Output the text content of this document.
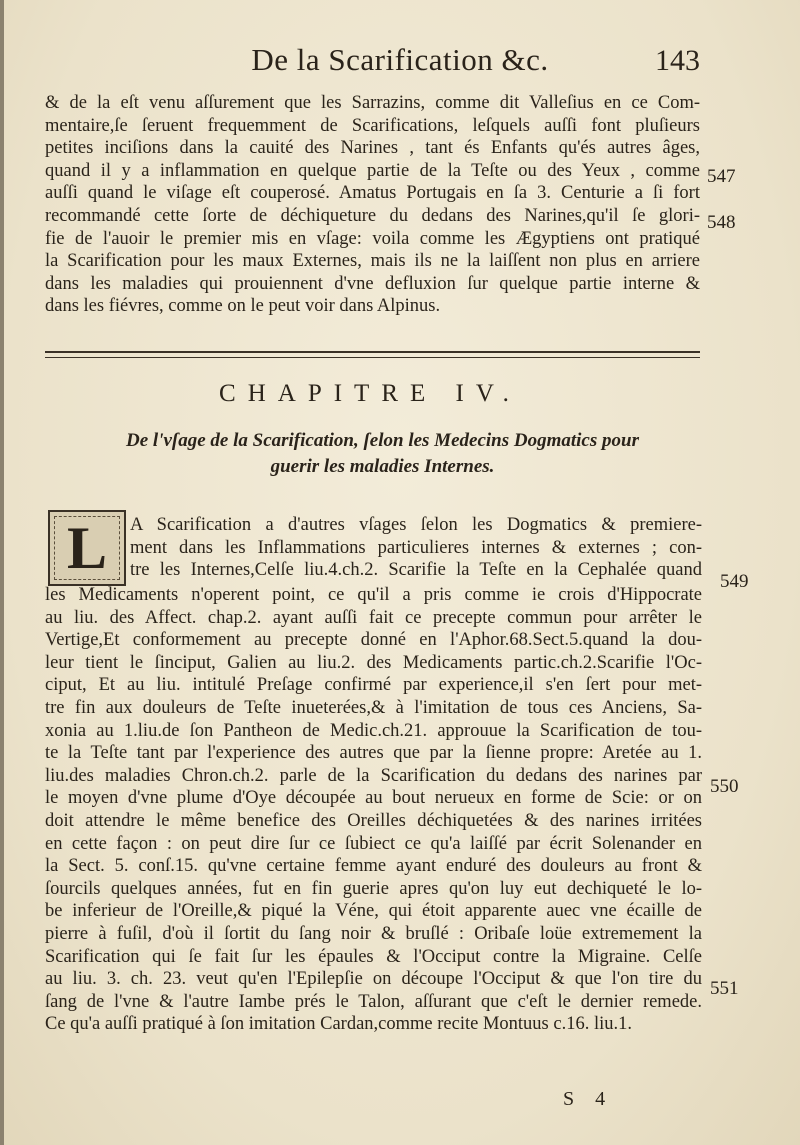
De la Scarification &c.	143
& de la eſt venu aſſurement que les Sarrazins, comme dit Valleſius en ce Com-
mentaire,ſe ſeruent frequemment de Scarifications, leſquels auſſi font pluſieurs
petites inciſions dans la cauité des Narines , tant és Enfants qu'és autres âges,
quand il y a inflammation en quelque partie de la Teſte ou des Yeux , comme
auſſi quand le viſage eſt couperosé. Amatus Portugais en ſa 3. Centurie a ſi fort
recommandé cette ſorte de déchiqueture du dedans des Narines,qu'il ſe glori-
fie de l'auoir le premier mis en vſage: voila comme les Ægyptiens ont pratiqué
la Scarification pour les maux Externes, mais ils ne la laiſſent non plus en arriere
dans les maladies qui prouiennent d'vne defluxion ſur quelque partie interne &
dans les fiévres, comme on le peut voir dans Alpinus.
547
548
CHAPITRE IV.
De l'vſage de la Scarification, ſelon les Medecins Dogmatics pour
guerir les maladies Internes.
L A Scarification a d'autres vſages ſelon les Dogmatics & premiere-
ment dans les Inflammations particulieres internes & externes ; con-
tre les Internes,Celſe liu.4.ch.2. Scarifie la Teſte en la Cephalée quand
les Medicaments n'operent point, ce qu'il a pris comme ie crois d'Hippocrate
au liu. des Affect. chap.2. ayant auſſi fait ce precepte commun pour arrêter le
Vertige,Et conformement au precepte donné en l'Aphor.68.Sect.5.quand la dou-
leur tient le ſinciput, Galien au liu.2. des Medicaments partic.ch.2.Scarifie l'Oc-
ciput, Et au liu. intitulé Preſage confirmé par experience,il s'en ſert pour met-
tre fin aux douleurs de Teſte inueterées,& à l'imitation de tous ces Anciens, Sa-
xonia au 1.liu.de ſon Pantheon de Medic.ch.21. approuue la Scarification de tou-
te la Teſte tant par l'experience des autres que par la ſienne propre: Aretée au 1.
liu.des maladies Chron.ch.2. parle de la Scarification du dedans des narines par
le moyen d'vne plume d'Oye découpée au bout nerueux en forme de Scie: or on
doit attendre le même benefice des Oreilles déchiquetées & des narines irritées
en cette façon : on peut dire ſur ce ſubiect ce qu'a laiſſé par écrit Solenander en
la Sect. 5. conſ.15. qu'vne certaine femme ayant enduré des douleurs au front &
ſourcils quelques années, fut en fin guerie apres qu'on luy eut dechiqueté le lo-
be inferieur de l'Oreille,& piqué la Véne, qui étoit apparente auec vne écaille de
pierre à fuſil, d'où il ſortit du ſang noir & bruſlé : Oribaſe loüe extremement la
Scarification qui ſe fait ſur les épaules & l'Occiput contre la Migraine. Celſe
au liu. 3. ch. 23. veut qu'en l'Epilepſie on découpe l'Occiput & que l'on tire du
ſang de l'vne & l'autre Iambe prés le Talon, aſſurant que c'eſt le dernier remede.
Ce qu'a auſſi pratiqué à ſon imitation Cardan,comme recite Montuus c.16. liu.1.
549
550
551
S 4
